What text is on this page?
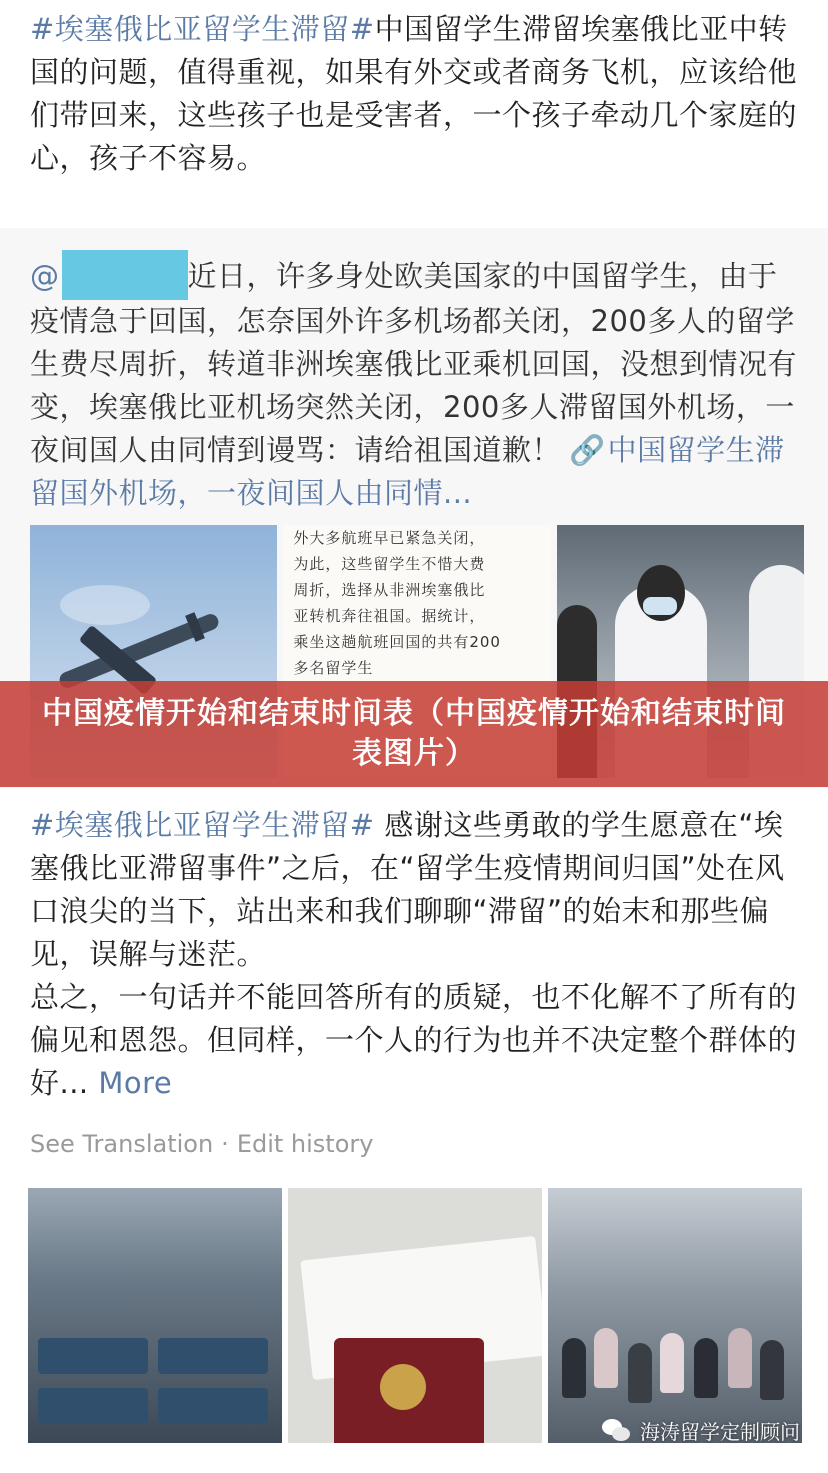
#埃塞俄比亚留学生滞留#中国留学生滞留埃塞俄比亚中转国的问题，值得重视，如果有外交或者商务飞机，应该给他们带回来，这些孩子也是受害者，一个孩子牵动几个家庭的心，孩子不容易。

@	近日，许多身处欧美国家的中国留学生，由于疫情急于回国，怎奈国外许多机场都关闭，200多人的留学生费尽周折，转道非洲埃塞俄比亚乘机回国，没想到情况有变，埃塞俄比亚机场突然关闭，200多人滞留国外机场，一夜间国人由同情到谩骂：请给祖国道歉！ 🔗中国留学生滞留国外机场，一夜间国人由同情...

外大多航班早已紧急关闭，
为此，这些留学生不惜大费
周折，选择从非洲埃塞俄比
亚转机奔往祖国。据统计，
乘坐这趟航班回国的共有200
多名留学生
中国疫情开始和结束时间表（中国疫情开始和结束时间表图片）

#埃塞俄比亚留学生滞留# 感谢这些勇敢的学生愿意在“埃塞俄比亚滞留事件”之后，在“留学生疫情期间归国”处在风口浪尖的当下，站出来和我们聊聊“滞留”的始末和那些偏见，误解与迷茫。

总之，一句话并不能回答所有的质疑，也不化解不了所有的偏见和恩怨。但同样，一个人的行为也并不决定整个群体的好... More

See Translation · Edit history
海涛留学定制顾问
